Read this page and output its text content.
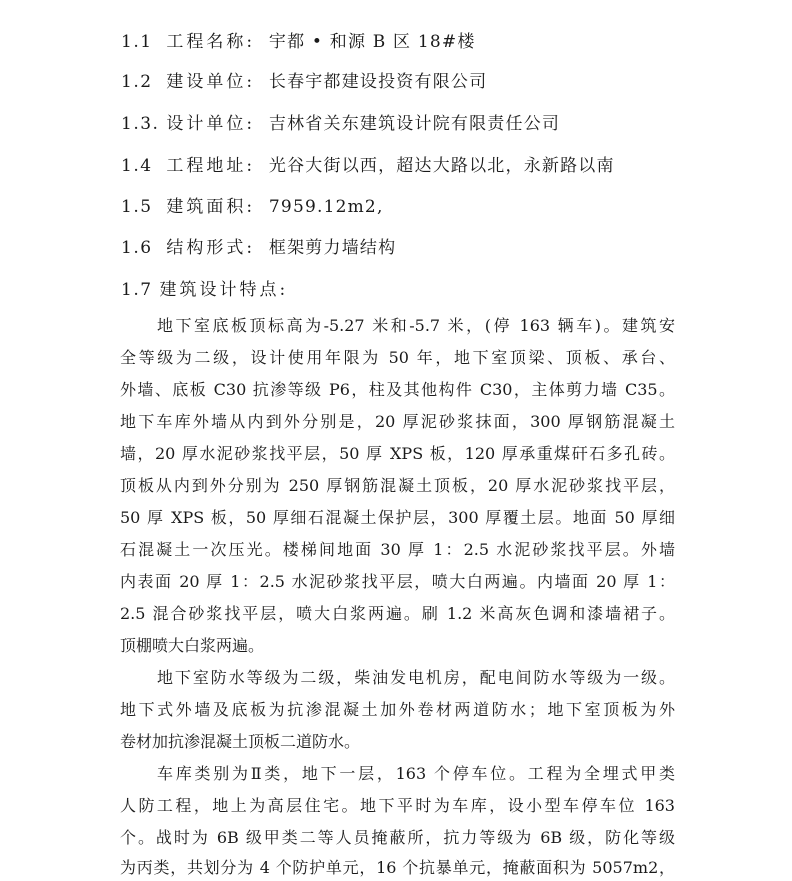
1.1 工程名称: 宇都 • 和源 B 区 18#楼
1.2 建设单位: 长春宇都建设投资有限公司
1.3. 设计单位: 吉林省关东建筑设计院有限责任公司
1.4 工程地址: 光谷大街以西，超达大路以北，永新路以南
1.5 建筑面积: 7959.12m2,
1.6 结构形式: 框架剪力墙结构
1.7 建筑设计特点:
地下室底板顶标高为-5.27 米和-5.7 米，(停 163 辆车)。建筑安
全等级为二级，设计使用年限为 50 年，地下室顶梁、顶板、承台、
外墙、底板 C30 抗渗等级 P6，柱及其他构件 C30，主体剪力墙 C35。
地下车库外墙从内到外分别是，20 厚泥砂浆抹面，300 厚钢筋混凝土
墙，20 厚水泥砂浆找平层，50 厚 XPS 板，120 厚承重煤矸石多孔砖。
顶板从内到外分别为 250 厚钢筋混凝土顶板，20 厚水泥砂浆找平层，
50 厚 XPS 板，50 厚细石混凝土保护层，300 厚覆土层。地面 50 厚细
石混凝土一次压光。楼梯间地面 30 厚 1：2.5 水泥砂浆找平层。外墙
内表面 20 厚 1：2.5 水泥砂浆找平层，喷大白两遍。内墙面 20 厚 1：
2.5 混合砂浆找平层，喷大白浆两遍。刷 1.2 米高灰色调和漆墙裙子。
顶棚喷大白浆两遍。
地下室防水等级为二级，柴油发电机房，配电间防水等级为一级。
地下式外墙及底板为抗渗混凝土加外卷材两道防水；地下室顶板为外
卷材加抗渗混凝土顶板二道防水。
车库类别为Ⅱ类，地下一层，163 个停车位。工程为全埋式甲类
人防工程，地上为高层住宅。地下平时为车库，设小型车停车位 163
个。战时为 6B 级甲类二等人员掩蔽所，抗力等级为 6B 级，防化等级
为丙类，共划分为 4 个防护单元，16 个抗暴单元，掩蔽面积为 5057m2，
